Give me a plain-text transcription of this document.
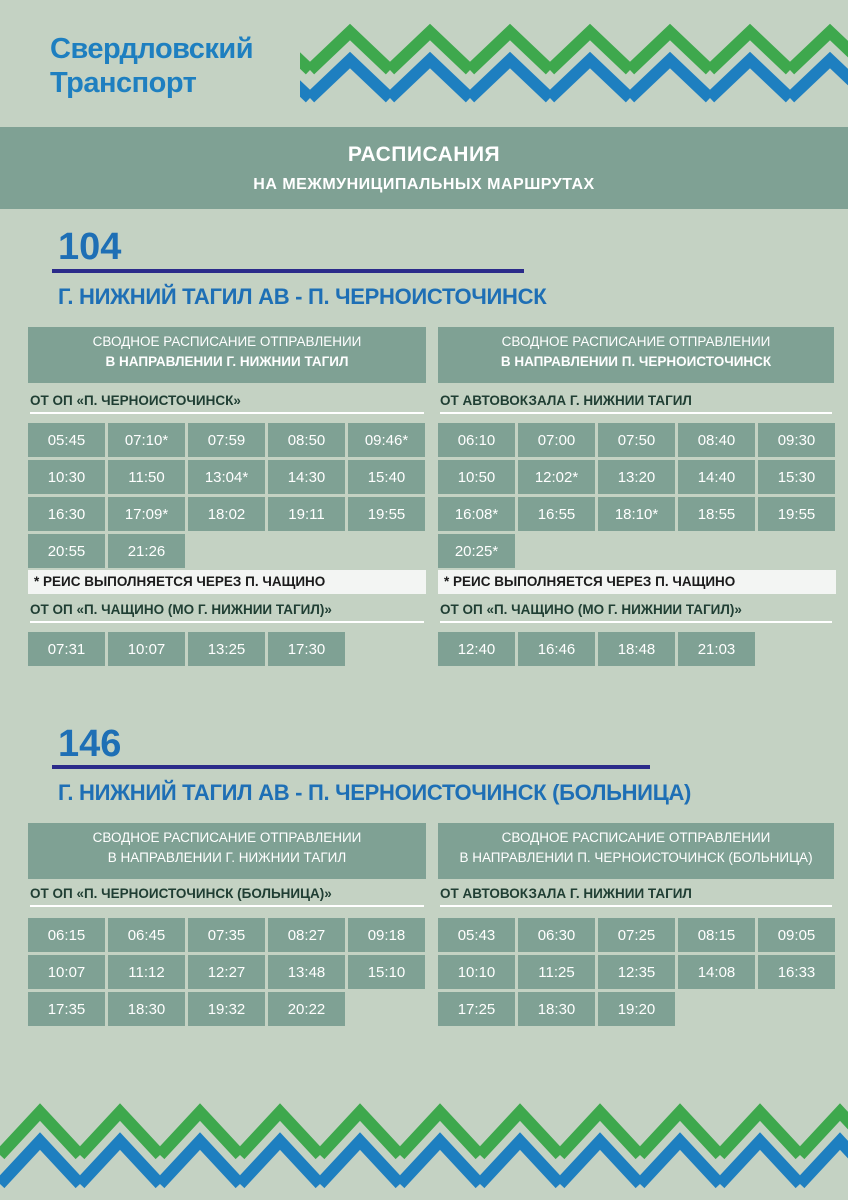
Свердловский
Транспорт
РАСПИСАНИЯ
НА МЕЖМУНИЦИПАЛЬНЫХ МАРШРУТАХ
104
Г. НИЖНИЙ ТАГИЛ АВ - П. ЧЕРНОИСТОЧИНСК
СВОДНОЕ РАСПИСАНИЕ ОТПРАВЛЕНИИ
В НАПРАВЛЕНИИ Г. НИЖНИИ ТАГИЛ
ОТ ОП «П. ЧЕРНОИСТОЧИНСК»
05:45	07:10*	07:59	08:50	09:46*
10:30	11:50	13:04*	14:30	15:40
16:30	17:09*	18:02	19:11	19:55
20:55	21:26
* РЕИС ВЫПОЛНЯЕТСЯ ЧЕРЕЗ П. ЧАЩИНО
ОТ ОП «П. ЧАЩИНО (МО Г. НИЖНИИ ТАГИЛ)»
07:31	10:07	13:25	17:30
СВОДНОЕ РАСПИСАНИЕ ОТПРАВЛЕНИИ
В НАПРАВЛЕНИИ П. ЧЕРНОИСТОЧИНСК
ОТ АВТОВОКЗАЛА Г. НИЖНИИ ТАГИЛ
06:10	07:00	07:50	08:40	09:30
10:50	12:02*	13:20	14:40	15:30
16:08*	16:55	18:10*	18:55	19:55
20:25*
* РЕИС ВЫПОЛНЯЕТСЯ ЧЕРЕЗ П. ЧАЩИНО
ОТ ОП «П. ЧАЩИНО (МО Г. НИЖНИИ ТАГИЛ)»
12:40	16:46	18:48	21:03
146
Г. НИЖНИЙ ТАГИЛ АВ - П. ЧЕРНОИСТОЧИНСК (БОЛЬНИЦА)
СВОДНОЕ РАСПИСАНИЕ ОТПРАВЛЕНИИ
В НАПРАВЛЕНИИ Г. НИЖНИИ ТАГИЛ
ОТ ОП «П. ЧЕРНОИСТОЧИНСК (БОЛЬНИЦА)»
06:15	06:45	07:35	08:27	09:18
10:07	11:12	12:27	13:48	15:10
17:35	18:30	19:32	20:22
СВОДНОЕ РАСПИСАНИЕ ОТПРАВЛЕНИИ
В НАПРАВЛЕНИИ П. ЧЕРНОИСТОЧИНСК (БОЛЬНИЦА)
ОТ АВТОВОКЗАЛА Г. НИЖНИИ ТАГИЛ
05:43	06:30	07:25	08:15	09:05
10:10	11:25	12:35	14:08	16:33
17:25	18:30	19:20
